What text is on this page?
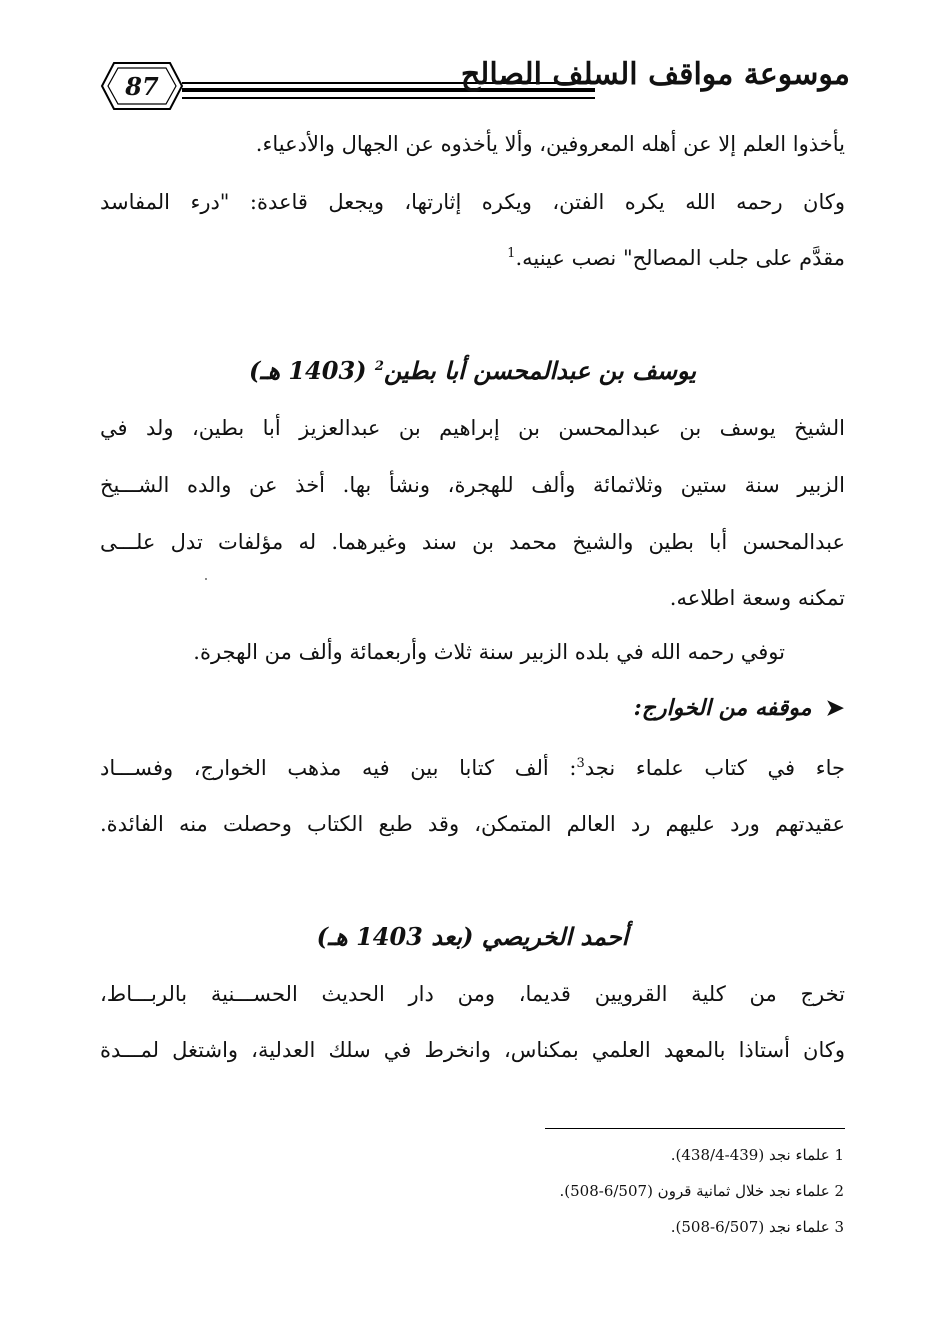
87	موسوعة مواقف السلف الصالح
يأخذوا العلم إلا عن أهله المعروفين، وألا يأخذوه عن الجهال والأدعياء.
وكان رحمه الله يكره الفتن، ويكره إثارتها، ويجعل قاعدة: "درء المفاسد
مقدَّم على جلب المصالح" نصب عينيه.$^1$
يوسف بن عبدالمحسن أبا بطين$^2$ (1403 هـ)
الشيخ يوسف بن عبدالمحسن بن إبراهيم بن عبدالعزيز أبا بطين، ولد في
الزبير سنة ستين وثلاثمائة وألف للهجرة، ونشأ بها. أخذ عن والده الشـــيخ
عبدالمحسن أبا بطين والشيخ محمد بن سند وغيرهما. له مؤلفات تدل علـــى
تمكنه وسعة اطلاعه.
توفي رحمه الله في بلده الزبير سنة ثلاث وأربعمائة وألف من الهجرة.
➤موقفه من الخوارج:
جاء في كتاب علماء نجد$^3$: ألف كتابا بين فيه مذهب الخوارج، وفســـاد
عقيدتهم ورد عليهم رد العالم المتمكن، وقد طبع الكتاب وحصلت منه الفائدة.
أحمد الخريصي (بعد 1403 هـ)
تخرج من كلية القرويين قديما، ومن دار الحديث الحســـنية بالربـــاط،
وكان أستاذا بالمعهد العلمي بمكناس، وانخرط في سلك العدلية، واشتغل لمـــدة
1 علماء نجد (439-438/4).
2 علماء نجد خلال ثمانية قرون (6/507-508).
3 علماء نجد (6/507-508).
